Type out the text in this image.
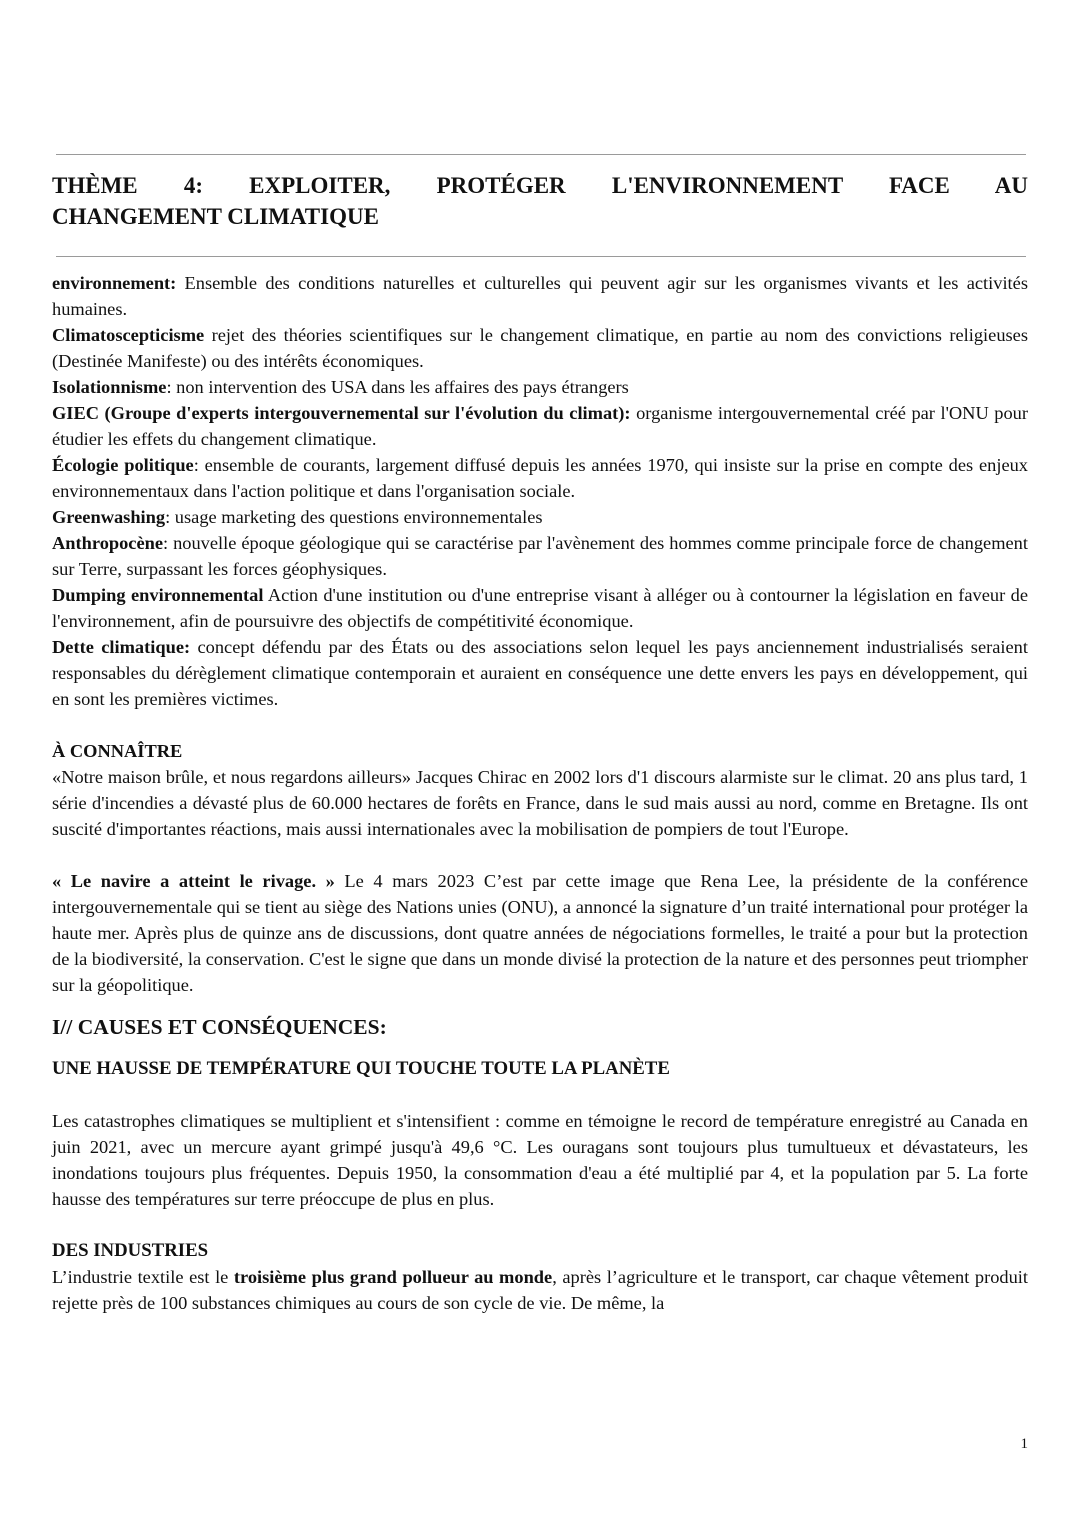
THÈME 4: EXPLOITER, PROTÉGER L'ENVIRONNEMENT FACE AU
CHANGEMENT CLIMATIQUE

environnement: Ensemble des conditions naturelles et culturelles qui peuvent agir sur les organismes vivants et les activités humaines.

Climatoscepticisme rejet des théories scientifiques sur le changement climatique, en partie au nom des convictions religieuses (Destinée Manifeste) ou des intérêts économiques.

Isolationnisme: non intervention des USA dans les affaires des pays étrangers

GIEC (Groupe d'experts intergouvernemental sur l'évolution du climat): organisme intergouvernemental créé par l'ONU pour étudier les effets du changement climatique.

Écologie politique: ensemble de courants, largement diffusé depuis les années 1970, qui insiste sur la prise en compte des enjeux environnementaux dans l'action politique et dans l'organisation sociale.

Greenwashing: usage marketing des questions environnementales

Anthropocène: nouvelle époque géologique qui se caractérise par l'avènement des hommes comme principale force de changement sur Terre, surpassant les forces géophysiques.

Dumping environnemental Action d'une institution ou d'une entreprise visant à alléger ou à contourner la législation en faveur de l'environnement, afin de poursuivre des objectifs de compétitivité économique.

Dette climatique: concept défendu par des États ou des associations selon lequel les pays anciennement industrialisés seraient responsables du dérèglement climatique contemporain et auraient en conséquence une dette envers les pays en développement, qui en sont les premières victimes.

À CONNAÎTRE

«Notre maison brûle, et nous regardons ailleurs» Jacques Chirac en 2002 lors d'1 discours alarmiste sur le climat. 20 ans plus tard, 1 série d'incendies a dévasté plus de 60.000 hectares de forêts en France, dans le sud mais aussi au nord, comme en Bretagne. Ils ont suscité d'importantes réactions, mais aussi internationales avec la mobilisation de pompiers de tout l'Europe.

« Le navire a atteint le rivage. » Le 4 mars 2023 C’est par cette image que Rena Lee, la présidente de la conférence intergouvernementale qui se tient au siège des Nations unies (ONU), a annoncé la signature d’un traité international pour protéger la haute mer. Après plus de quinze ans de discussions, dont quatre années de négociations formelles, le traité a pour but la protection de la biodiversité, la conservation. C'est le signe que dans un monde divisé la protection de la nature et des personnes peut triompher sur la géopolitique.

I// CAUSES ET CONSÉQUENCES:
UNE HAUSSE DE TEMPÉRATURE QUI TOUCHE TOUTE LA PLANÈTE

Les catastrophes climatiques se multiplient et s'intensifient : comme en témoigne le record de température enregistré au Canada en juin 2021, avec un mercure ayant grimpé jusqu'à 49,6 °C. Les ouragans sont toujours plus tumultueux et dévastateurs, les inondations toujours plus fréquentes. Depuis 1950, la consommation d'eau a été multiplié par 4, et la population par 5. La forte hausse des températures sur terre préoccupe de plus en plus.

DES INDUSTRIES

L’industrie textile est le troisième plus grand pollueur au monde, après l’agriculture et le transport, car chaque vêtement produit rejette près de 100 substances chimiques au cours de son cycle de vie. De même, la

1
